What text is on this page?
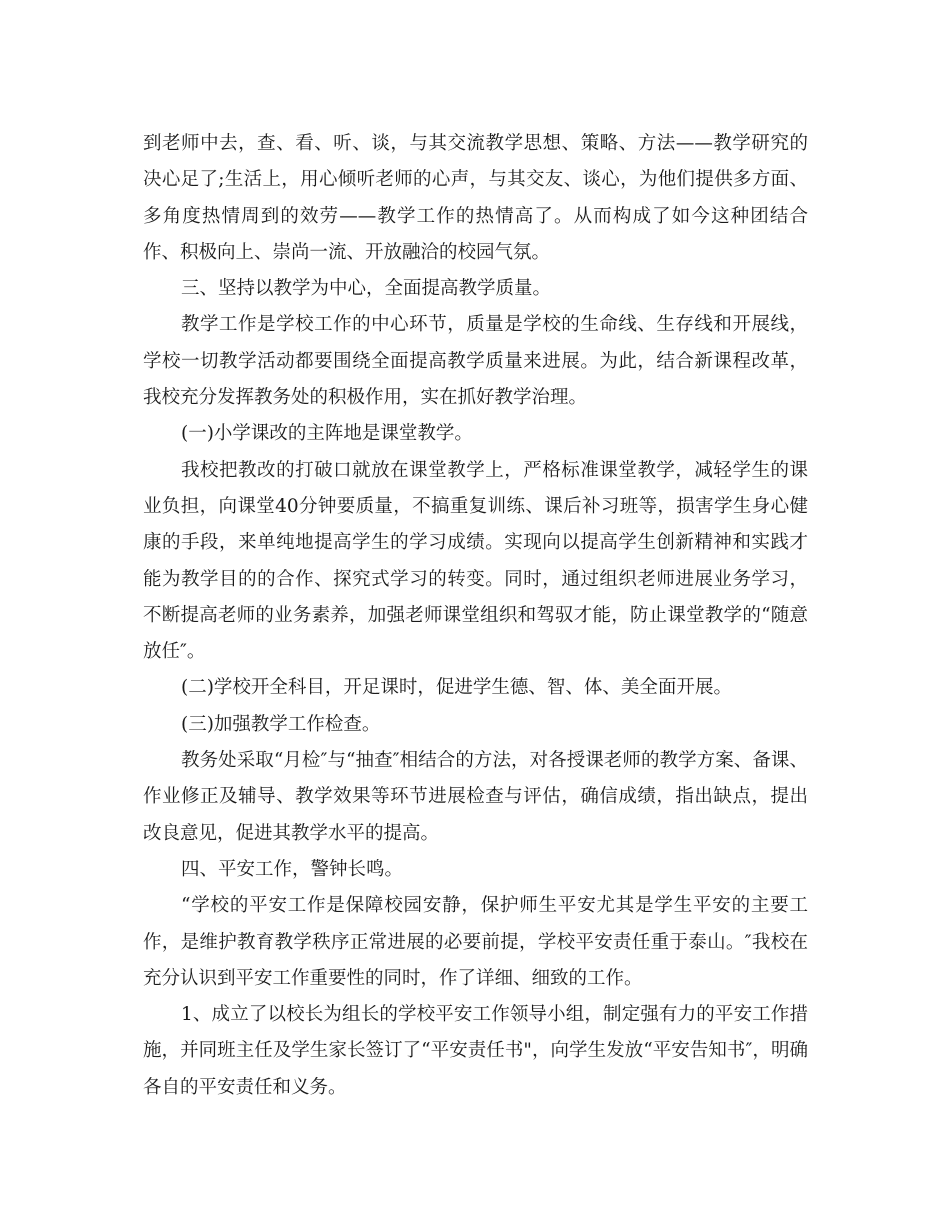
到老师中去，查、看、听、谈，与其交流教学思想、策略、方法——教学研究的决心足了;生活上，用心倾听老师的心声，与其交友、谈心，为他们提供多方面、多角度热情周到的效劳——教学工作的热情高了。从而构成了如今这种团结合作、积极向上、崇尚一流、开放融洽的校园气氛。

三、坚持以教学为中心，全面提高教学质量。

教学工作是学校工作的中心环节，质量是学校的生命线、生存线和开展线，学校一切教学活动都要围绕全面提高教学质量来进展。为此，结合新课程改革，我校充分发挥教务处的积极作用，实在抓好教学治理。

(一)小学课改的主阵地是课堂教学。

我校把教改的打破口就放在课堂教学上，严格标准课堂教学，减轻学生的课业负担，向课堂40分钟要质量，不搞重复训练、课后补习班等，损害学生身心健康的手段，来单纯地提高学生的学习成绩。实现向以提高学生创新精神和实践才能为教学目的的合作、探究式学习的转变。同时，通过组织老师进展业务学习，不断提高老师的业务素养，加强老师课堂组织和驾驭才能，防止课堂教学的“随意放任″。

(二)学校开全科目，开足课时，促进学生德、智、体、美全面开展。

(三)加强教学工作检查。

教务处采取“月检″与“抽查″相结合的方法，对各授课老师的教学方案、备课、作业修正及辅导、教学效果等环节进展检查与评估，确信成绩，指出缺点，提出改良意见，促进其教学水平的提高。

四、平安工作，警钟长鸣。

“学校的平安工作是保障校园安静，保护师生平安尤其是学生平安的主要工作，是维护教育教学秩序正常进展的必要前提，学校平安责任重于泰山。″我校在充分认识到平安工作重要性的同时，作了详细、细致的工作。

1、成立了以校长为组长的学校平安工作领导小组，制定强有力的平安工作措施，并同班主任及学生家长签订了“平安责任书"，向学生发放“平安告知书″，明确各自的平安责任和义务。
